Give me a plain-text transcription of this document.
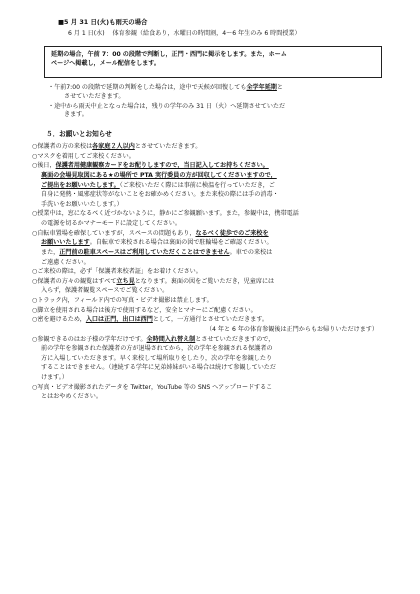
■5 月 31 日(火)も雨天の場合
6 月 1 日(水) 体育参観（給食あり，水曜日の時間割，4～6 年生のみ 6 時間授業）
延期の場合，午前 7：00 の段階で判断し，正門・西門に掲示をします。また，ホーム
ページへ掲載し，メール配信をします。
・午前7:00 の段階で延期の判断をした場合は，途中で天候が回復しても全学年延期と
させていただきます。
・途中から雨天中止となった場合は，残りの学年のみ 31 日（火）へ延期させていただ
きます。
５．お願いとお知らせ

○保護者の方の来校は各家庭２人以内とさせていただきます。

○マスクを着用してご来校ください。

○後日，保護者用健康観察カードをお配りしますので，当日記入してお持ちください。
裏面の会場見取図にある★の場所で PTA 実行委員の方が回収してくださいますので，
ご提出をお願いいたします。（ご来校いただく際には事前に検温を行っていただき，ご
自身に発熱・風邪症状等がないことをお確かめください。また来校の際には手の消毒・
手洗いをお願いいたします。）

○授業中は，窓になるべく近づかないように，静かにご参観願います。また，参観中は，携帯電話
の電源を切るかマナーモードに設定してください。

○自転車置場を確保していますが，スペースの問題もあり，なるべく徒歩でのご来校を
お願いいたします。自転車で来校される場合は裏面の図で駐輪場をご確認ください。
また，正門前の駐車スペースはご利用していただくことはできません。車での来校は
ご遠慮ください。

○ご来校の際は，必ず「保護者来校者証」をお着けください。

○保護者の方々の観覧はすべて立ち見となります。裏面の図をご覧いただき，児童席には
入らず，保護者観覧スペースでご覧ください。

○トラック内，フィールド内での写真・ビデオ撮影は禁止します。

○脚立を使用される場合は後方で使用するなど，安全とマナーにご配慮ください。

○密を避けるため，入口は正門，出口は西門として，一方通行とさせていただきます。

（4 年と 6 年の体育参観後は正門からもお帰りいただけます）

○参観できるのはお子様の学年だけです。全時間入れ替え制とさせていただきますので，
前の学年を参観された保護者の方が退場されてから，次の学年を参観される保護者の
方に入場していただきます。早く来校して場所取りをしたり，次の学年を参観したり
することはできません。（連続する学年に兄弟姉妹がいる場合は続けて参観していただ
けます。）

○写真・ビデオ撮影されたデータを Twitter，YouTube 等の SNS へアップロードするこ
とはおやめください。
